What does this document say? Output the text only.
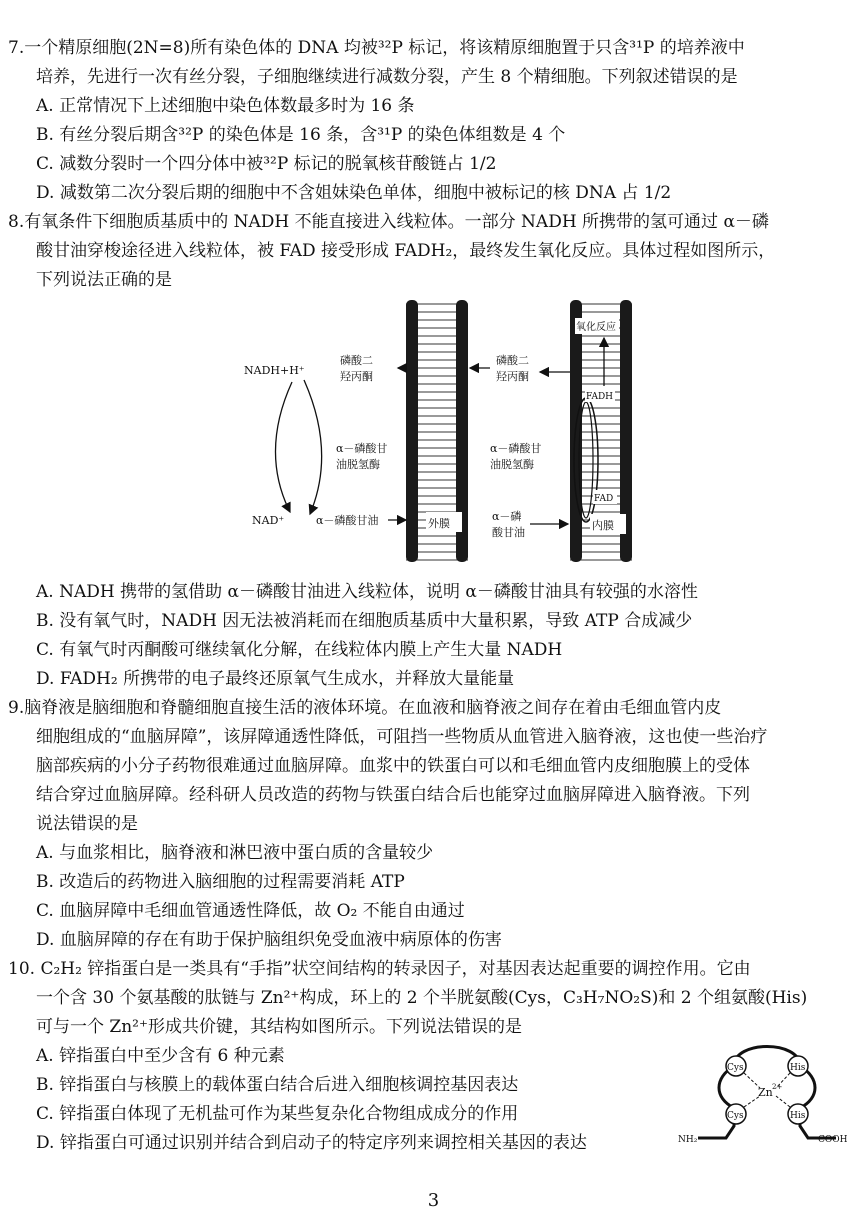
7.一个精原细胞(2N=8)所有染色体的 DNA 均被³²P 标记，将该精原细胞置于只含³¹P 的培养液中
培养，先进行一次有丝分裂，子细胞继续进行减数分裂，产生 8 个精细胞。下列叙述错误的是
A. 正常情况下上述细胞中染色体数最多时为 16 条
B. 有丝分裂后期含³²P 的染色体是 16 条，含³¹P 的染色体组数是 4 个
C. 减数分裂时一个四分体中被³²P 标记的脱氧核苷酸链占 1/2
D. 减数第二次分裂后期的细胞中不含姐妹染色单体，细胞中被标记的核 DNA 占 1/2
8.有氧条件下细胞质基质中的 NADH 不能直接进入线粒体。一部分 NADH 所携带的氢可通过 α－磷
酸甘油穿梭途径进入线粒体，被 FAD 接受形成 FADH₂，最终发生氧化反应。具体过程如图所示，
下列说法正确的是
外膜	内膜
NADH+H⁺
NAD⁺
磷酸二
羟丙酮
α－磷酸甘
油脱氢酶
α－磷酸甘油
磷酸二
羟丙酮
α－磷酸甘
油脱氢酶
α－磷
酸甘油
氧化反应
FADH
FAD
A. NADH 携带的氢借助 α－磷酸甘油进入线粒体，说明 α－磷酸甘油具有较强的水溶性
B. 没有氧气时，NADH 因无法被消耗而在细胞质基质中大量积累，导致 ATP 合成减少
C. 有氧气时丙酮酸可继续氧化分解，在线粒体内膜上产生大量 NADH
D. FADH₂ 所携带的电子最终还原氧气生成水，并释放大量能量
9.脑脊液是脑细胞和脊髓细胞直接生活的液体环境。在血液和脑脊液之间存在着由毛细血管内皮
细胞组成的“血脑屏障”，该屏障通透性降低，可阻挡一些物质从血管进入脑脊液，这也使一些治疗
脑部疾病的小分子药物很难通过血脑屏障。血浆中的铁蛋白可以和毛细血管内皮细胞膜上的受体
结合穿过血脑屏障。经科研人员改造的药物与铁蛋白结合后也能穿过血脑屏障进入脑脊液。下列
说法错误的是
A. 与血浆相比，脑脊液和淋巴液中蛋白质的含量较少
B. 改造后的药物进入脑细胞的过程需要消耗 ATP
C. 血脑屏障中毛细血管通透性降低，故 O₂ 不能自由通过
D. 血脑屏障的存在有助于保护脑组织免受血液中病原体的伤害
10. C₂H₂ 锌指蛋白是一类具有“手指”状空间结构的转录因子，对基因表达起重要的调控作用。它由
一个含 30 个氨基酸的肽链与 Zn²⁺构成，环上的 2 个半胱氨酸(Cys，C₃H₇NO₂S)和 2 个组氨酸(His)
可与一个 Zn²⁺形成共价键，其结构如图所示。下列说法错误的是
A. 锌指蛋白中至少含有 6 种元素
B. 锌指蛋白与核膜上的载体蛋白结合后进入细胞核调控基因表达
C. 锌指蛋白体现了无机盐可作为某些复杂化合物组成成分的作用
D. 锌指蛋白可通过识别并结合到启动子的特定序列来调控相关基因的表达
Cys	His
Cys	His
Zn 2+
NH₂	COOH
3
